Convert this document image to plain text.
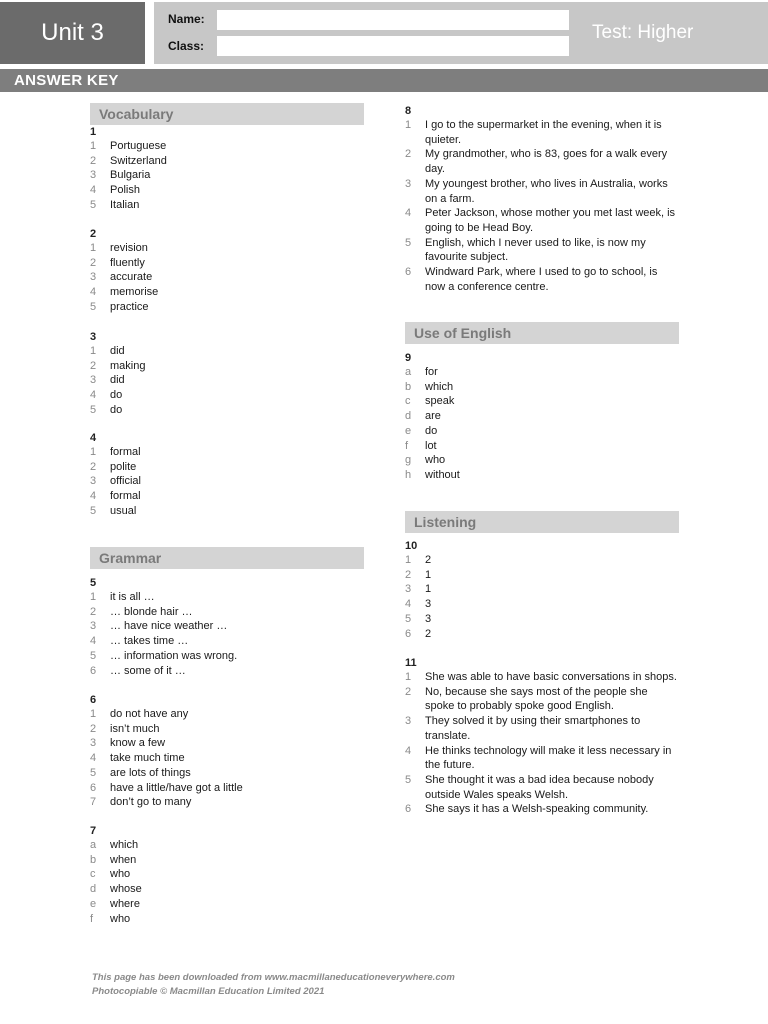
Unit 3	Name:
Class:
Test: Higher
ANSWER KEY
Vocabulary
1
1	Portuguese
2	Switzerland
3	Bulgaria
4	Polish
5	Italian
2
1	revision
2	fluently
3	accurate
4	memorise
5	practice
3
1	did
2	making
3	did
4	do
5	do
4
1	formal
2	polite
3	official
4	formal
5	usual
Grammar
5
1	it is all …
2	… blonde hair …
3	… have nice weather …
4	… takes time …
5	… information was wrong.
6	… some of it …
6
1	do not have any
2	isn’t much
3	know a few
4	take much time
5	are lots of things
6	have a little/have got a little
7	don’t go to many
7
a	which
b	when
c	who
d	whose
e	where
f	who
8
1	I go to the supermarket in the evening, when it is quieter.
2	My grandmother, who is 83, goes for a walk every day.
3	My youngest brother, who lives in Australia, works on a farm.
4	Peter Jackson, whose mother you met last week, is going to be Head Boy.
5	English, which I never used to like, is now my favourite subject.
6	Windward Park, where I used to go to school, is now a conference centre.
Use of English
9
a	for
b	which
c	speak
d	are
e	do
f	lot
g	who
h	without
Listening
10
1	2
2	1
3	1
4	3
5	3
6	2
11
1	She was able to have basic conversations in shops.
2	No, because she says most of the people she spoke to probably spoke good English.
3	They solved it by using their smartphones to translate.
4	He thinks technology will make it less necessary in the future.
5	She thought it was a bad idea because nobody outside Wales speaks Welsh.
6	She says it has a Welsh-speaking community.
This page has been downloaded from www.macmillaneducationeverywhere.com
Photocopiable © Macmillan Education Limited 2021
